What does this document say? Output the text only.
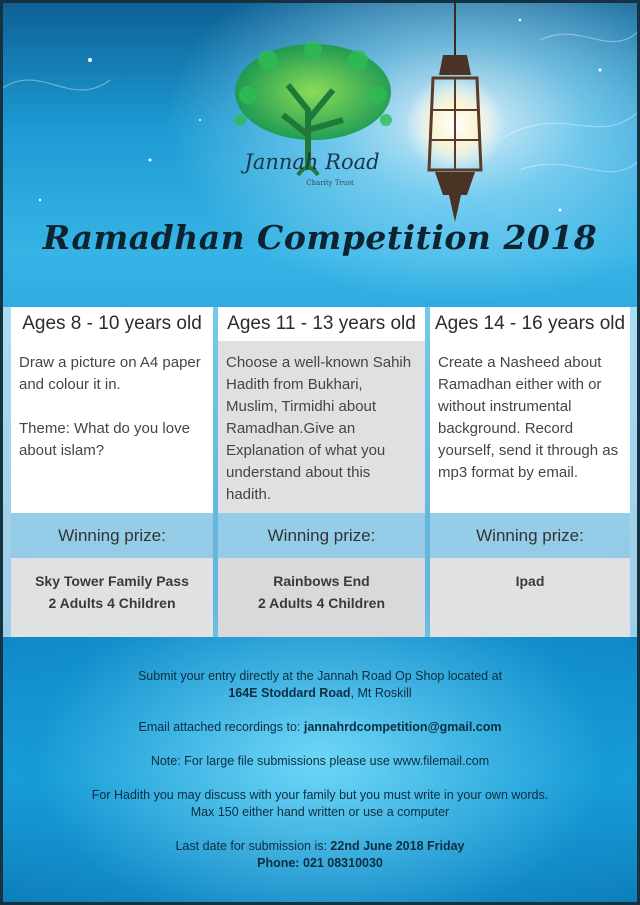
Jannah Road
Charity Trust
Ramadhan Competition 2018
Ages 8 - 10 years old

Draw a picture on A4 paper and colour it in.

Theme: What do you love about islam?

Winning prize:
Sky Tower Family Pass
2 Adults 4 Children
Ages 11 - 13 years old

Choose a well-known Sahih Hadith from Bukhari, Muslim, Tirmidhi about Ramadhan.Give an Explanation of what you understand about this hadith.

Winning prize:
Rainbows End
2 Adults 4 Children
Ages 14 - 16 years old

Create a Nasheed about Ramadhan either with or without instrumental background. Record yourself, send it through as mp3 format by email.

Winning prize:
Ipad
Submit your entry directly at the Jannah Road Op Shop located at
164E Stoddard Road, Mt Roskill
Email attached recordings to: jannahrdcompetition@gmail.com
Note: For large file submissions please use www.filemail.com
For Hadith you may discuss with your family but you must write in your own words.
Max 150 either hand written or use a computer
Last date for submission is: 22nd June 2018 Friday
Phone: 021 08310030
